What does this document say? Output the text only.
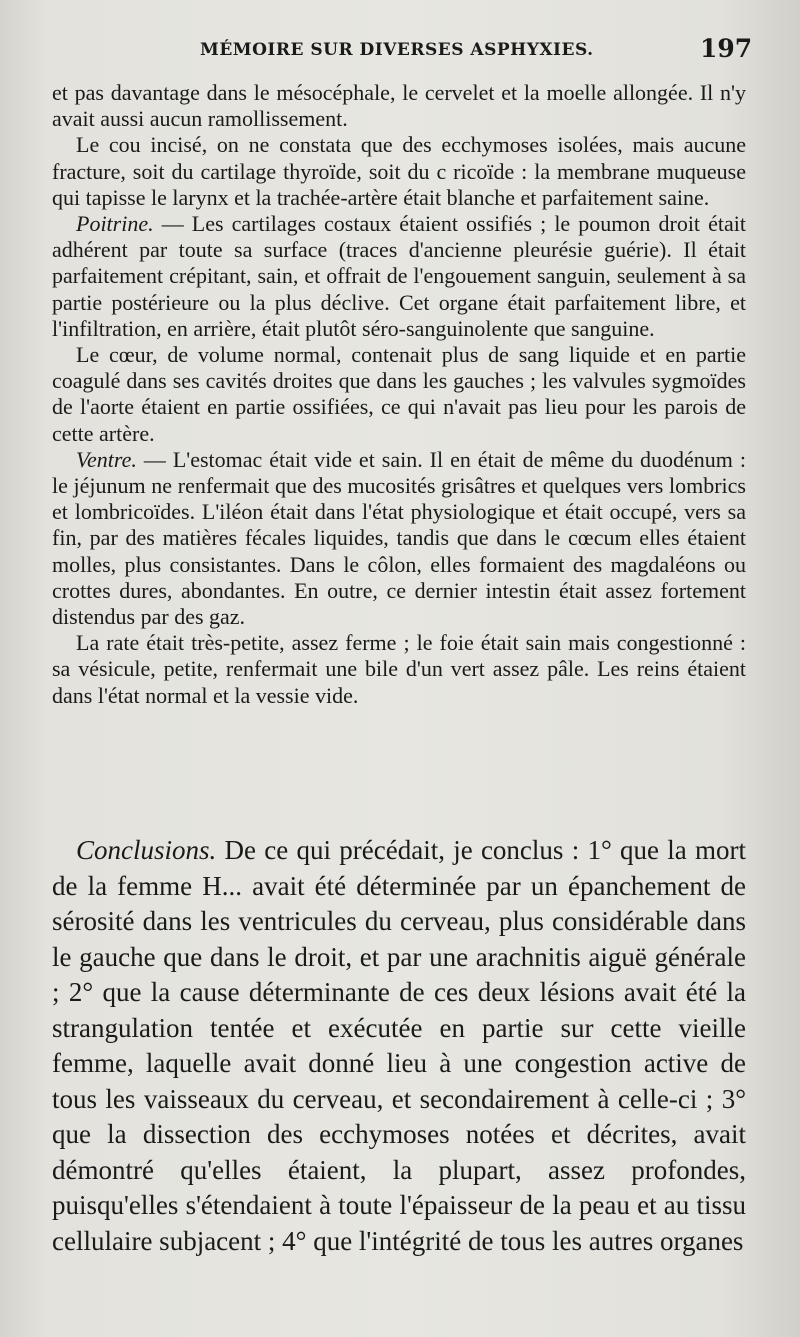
MÉMOIRE SUR DIVERSES ASPHYXIES.	197

et pas davantage dans le mésocéphale, le cervelet et la moelle allongée. Il n'y avait aussi aucun ramollissement.

Le cou incisé, on ne constata que des ecchymoses isolées, mais aucune fracture, soit du cartilage thyroïde, soit du c ricoïde : la membrane muqueuse qui tapisse le larynx et la trachée-artère était blanche et parfaitement saine.

Poitrine. — Les cartilages costaux étaient ossifiés ; le poumon droit était adhérent par toute sa surface (traces d'ancienne pleurésie guérie). Il était parfaitement crépitant, sain, et offrait de l'engouement sanguin, seulement à sa partie postérieure ou la plus déclive. Cet organe était parfaitement libre, et l'infiltration, en arrière, était plutôt séro-sanguinolente que sanguine.

Le cœur, de volume normal, contenait plus de sang liquide et en partie coagulé dans ses cavités droites que dans les gauches ; les valvules sygmoïdes de l'aorte étaient en partie ossifiées, ce qui n'avait pas lieu pour les parois de cette artère.

Ventre. — L'estomac était vide et sain. Il en était de même du duodénum : le jéjunum ne renfermait que des mucosités grisâtres et quelques vers lombrics et lombricoïdes. L'iléon était dans l'état physiologique et était occupé, vers sa fin, par des matières fécales liquides, tandis que dans le cœcum elles étaient molles, plus consistantes. Dans le côlon, elles formaient des magdaléons ou crottes dures, abondantes. En outre, ce dernier intestin était assez fortement distendus par des gaz.

La rate était très-petite, assez ferme ; le foie était sain mais congestionné : sa vésicule, petite, renfermait une bile d'un vert assez pâle. Les reins étaient dans l'état normal et la vessie vide.

Conclusions. De ce qui précédait, je conclus : 1° que la mort de la femme H... avait été déterminée par un épanchement de sérosité dans les ventricules du cerveau, plus considérable dans le gauche que dans le droit, et par une arachnitis aiguë générale ; 2° que la cause déterminante de ces deux lésions avait été la strangulation tentée et exécutée en partie sur cette vieille femme, laquelle avait donné lieu à une congestion active de tous les vaisseaux du cerveau, et secondairement à celle-ci ; 3° que la dissection des ecchymoses notées et décrites, avait démontré qu'elles étaient, la plupart, assez profondes, puisqu'elles s'étendaient à toute l'épaisseur de la peau et au tissu cellulaire subjacent ; 4° que l'intégrité de tous les autres organes
